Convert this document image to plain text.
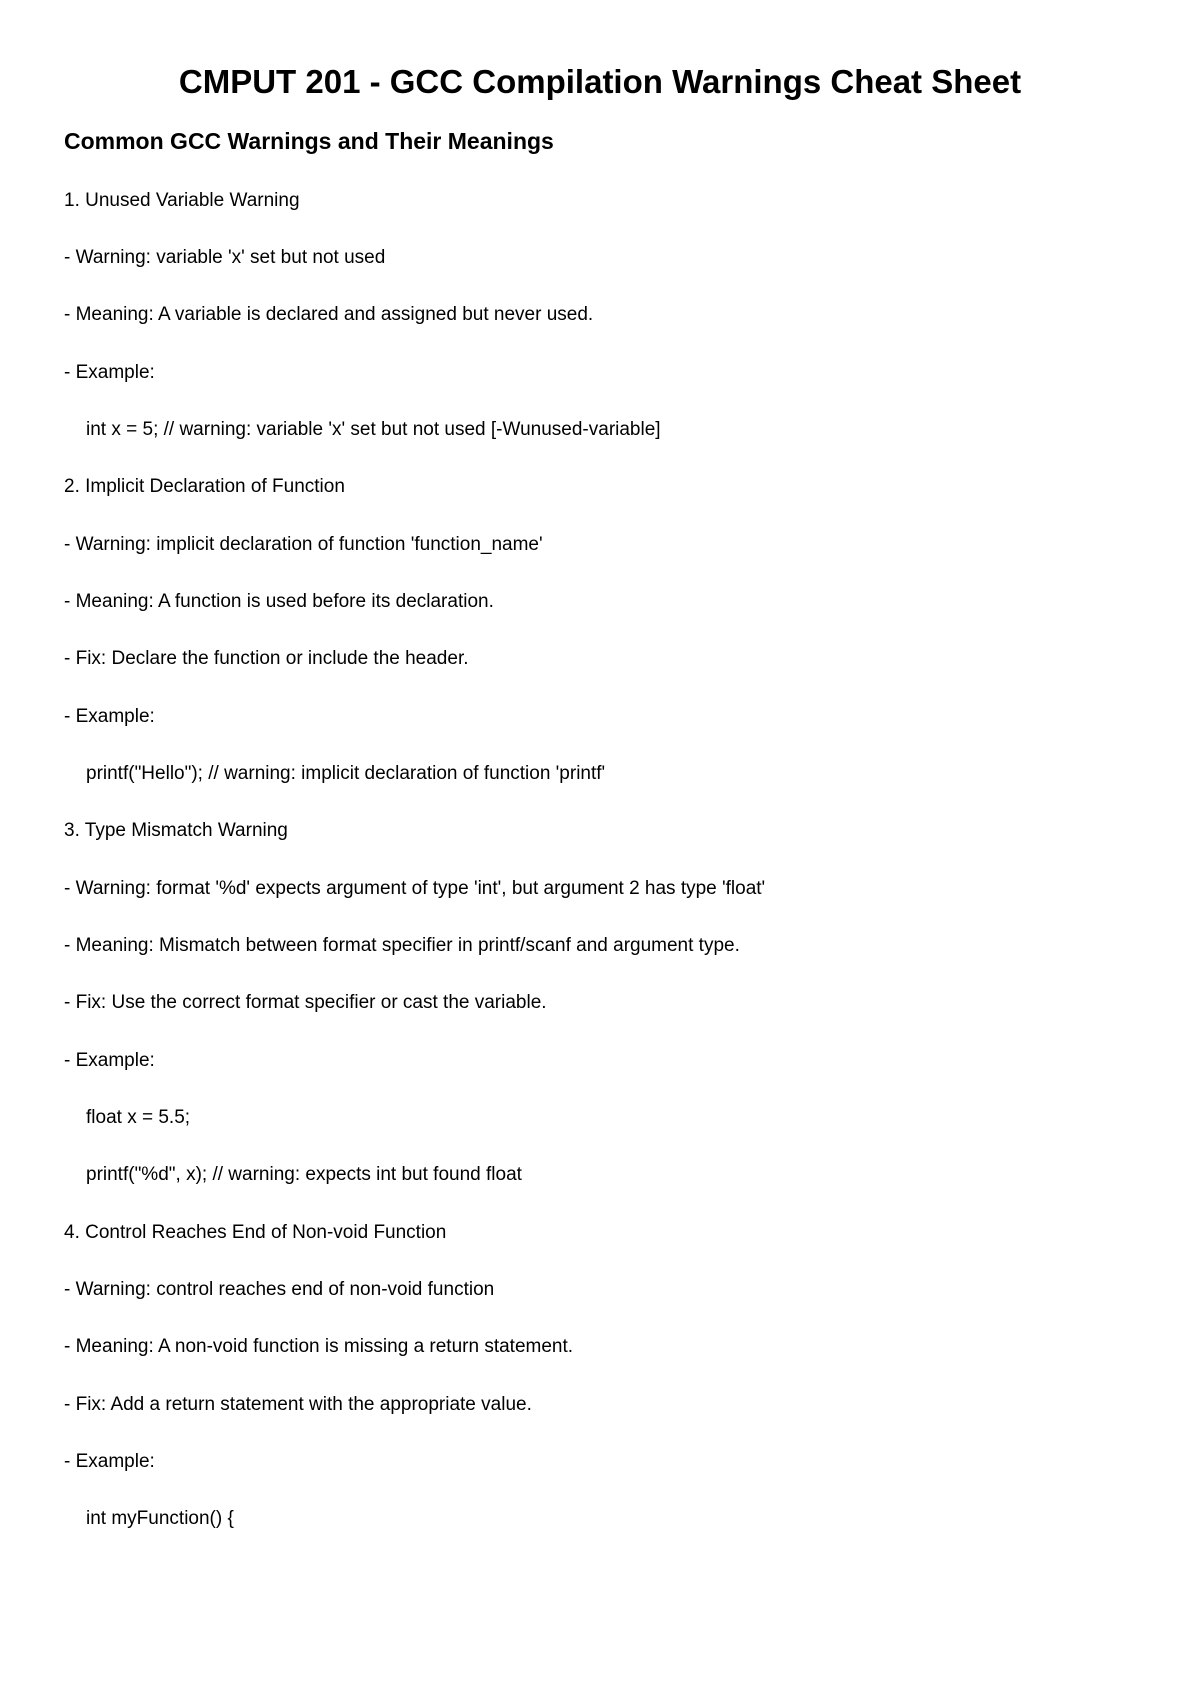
CMPUT 201 - GCC Compilation Warnings Cheat Sheet
Common GCC Warnings and Their Meanings
1. Unused Variable Warning
- Warning: variable 'x' set but not used
- Meaning: A variable is declared and assigned but never used.
- Example:
int x = 5; // warning: variable 'x' set but not used [-Wunused-variable]
2. Implicit Declaration of Function
- Warning: implicit declaration of function 'function_name'
- Meaning: A function is used before its declaration.
- Fix: Declare the function or include the header.
- Example:
printf("Hello"); // warning: implicit declaration of function 'printf'
3. Type Mismatch Warning
- Warning: format '%d' expects argument of type 'int', but argument 2 has type 'float'
- Meaning: Mismatch between format specifier in printf/scanf and argument type.
- Fix: Use the correct format specifier or cast the variable.
- Example:
float x = 5.5;
printf("%d", x); // warning: expects int but found float
4. Control Reaches End of Non-void Function
- Warning: control reaches end of non-void function
- Meaning: A non-void function is missing a return statement.
- Fix: Add a return statement with the appropriate value.
- Example:
int myFunction() {
